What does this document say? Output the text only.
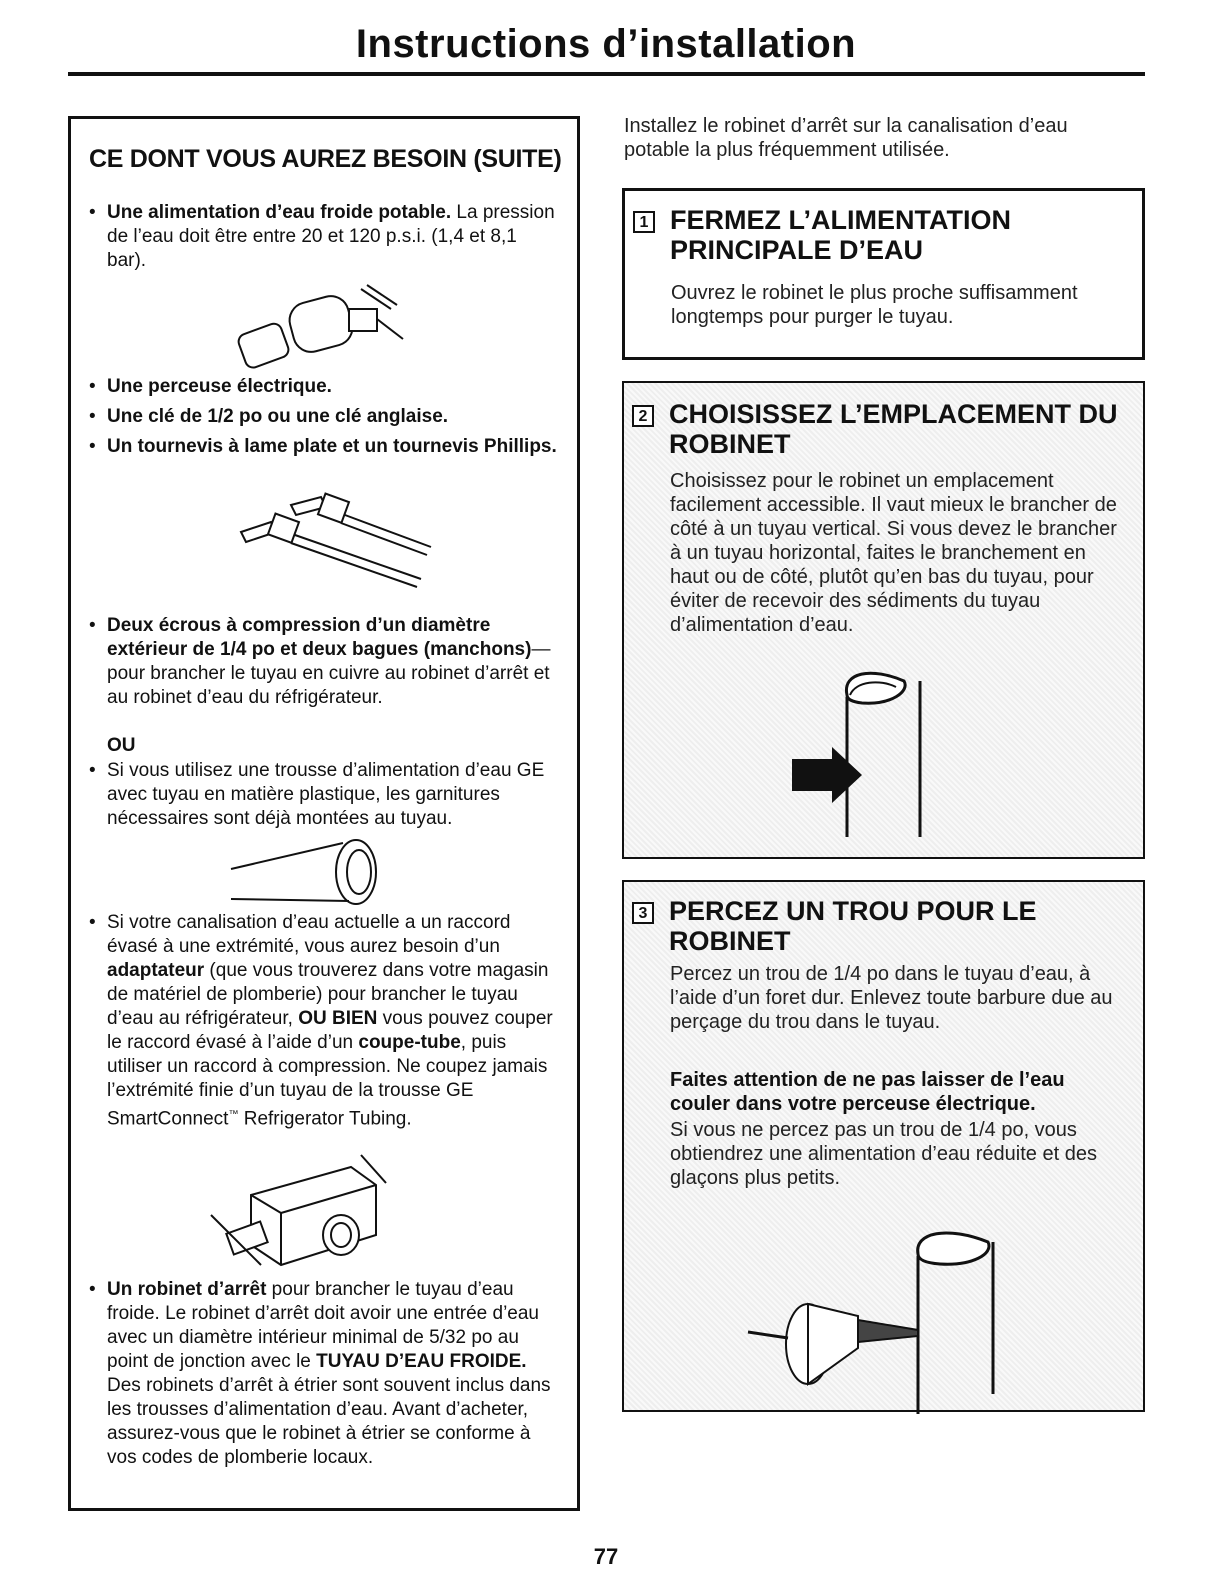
Instructions d’installation
CE DONT VOUS AUREZ BESOIN (SUITE)
• Une alimentation d’eau froide potable. La pression de l’eau doit être entre 20 et 120 p.s.i. (1,4 et 8,1 bar).
• Une perceuse électrique.
• Une clé de 1/2 po ou une clé anglaise.
• Un tournevis à lame plate et un tournevis Phillips.
• Deux écrous à compression d’un diamètre extérieur de 1/4 po et deux bagues (manchons)—pour brancher le tuyau en cuivre au robinet d’arrêt et au robinet d’eau du réfrigérateur.
OU
• Si vous utilisez une trousse d’alimentation d’eau GE avec tuyau en matière plastique, les garnitures nécessaires sont déjà montées au tuyau.
• Si votre canalisation d’eau actuelle a un raccord évasé à une extrémité, vous aurez besoin d’un adaptateur (que vous trouverez dans votre magasin de matériel de plomberie) pour brancher le tuyau d’eau au réfrigérateur, OU BIEN vous pouvez couper le raccord évasé à l’aide d’un coupe-tube, puis utiliser un raccord à compression. Ne coupez jamais l’extrémité finie d’un tuyau de la trousse GE SmartConnect™ Refrigerator Tubing.
• Un robinet d’arrêt pour brancher le tuyau d’eau froide. Le robinet d’arrêt doit avoir une entrée d’eau avec un diamètre intérieur minimal de 5/32 po au point de jonction avec le TUYAU D’EAU FROIDE. Des robinets d’arrêt à étrier sont souvent inclus dans les trousses d’alimentation d’eau. Avant d’acheter, assurez-vous que le robinet à étrier se conforme à vos codes de plomberie locaux.
Installez le robinet d’arrêt sur la canalisation d’eau potable la plus fréquemment utilisée.
1 FERMEZ L’ALIMENTATION PRINCIPALE D’EAU
Ouvrez le robinet le plus proche suffisamment longtemps pour purger le tuyau.
2 CHOISISSEZ L’EMPLACEMENT DU ROBINET
Choisissez pour le robinet un emplacement facilement accessible. Il vaut mieux le brancher de côté à un tuyau vertical. Si vous devez le brancher à un tuyau horizontal, faites le branchement en haut ou de côté, plutôt qu’en bas du tuyau, pour éviter de recevoir des sédiments du tuyau d’alimentation d’eau.
3 PERCEZ UN TROU POUR LE ROBINET
Percez un trou de 1/4 po dans le tuyau d’eau, à l’aide d’un foret dur. Enlevez toute barbure due au perçage du trou dans le tuyau.
Faites attention de ne pas laisser de l’eau couler dans votre perceuse électrique.
Si vous ne percez pas un trou de 1/4 po, vous obtiendrez une alimentation d’eau réduite et des glaçons plus petits.
77
